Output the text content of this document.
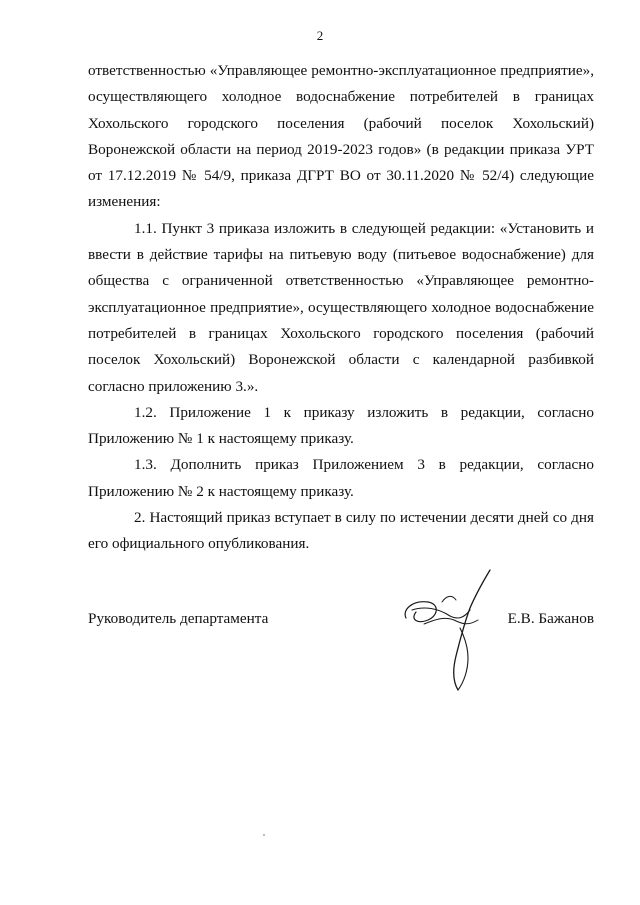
2

ответственностью «Управляющее ремонтно-эксплуатационное предприятие», осуществляющего холодное водоснабжение потребителей в границах Хохольского городского поселения (рабочий поселок Хохольский) Воронежской области на период 2019-2023 годов» (в редакции приказа УРТ от 17.12.2019 № 54/9, приказа ДГРТ ВО от 30.11.2020 № 52/4) следующие изменения:

1.1. Пункт 3 приказа изложить в следующей редакции: «Установить и ввести в действие тарифы на питьевую воду (питьевое водоснабжение) для общества с ограниченной ответственностью «Управляющее ремонтно-эксплуатационное предприятие», осуществляющего холодное водоснабжение потребителей в границах Хохольского городского поселения (рабочий поселок Хохольский) Воронежской области с календарной разбивкой согласно приложению 3.».

1.2. Приложение 1 к приказу изложить в редакции, согласно Приложению № 1 к настоящему приказу.

1.3. Дополнить приказ Приложением 3 в редакции, согласно Приложению № 2 к настоящему приказу.

2. Настоящий приказ вступает в силу по истечении десяти дней со дня его официального опубликования.

Руководитель департамента	Е.В. Бажанов
